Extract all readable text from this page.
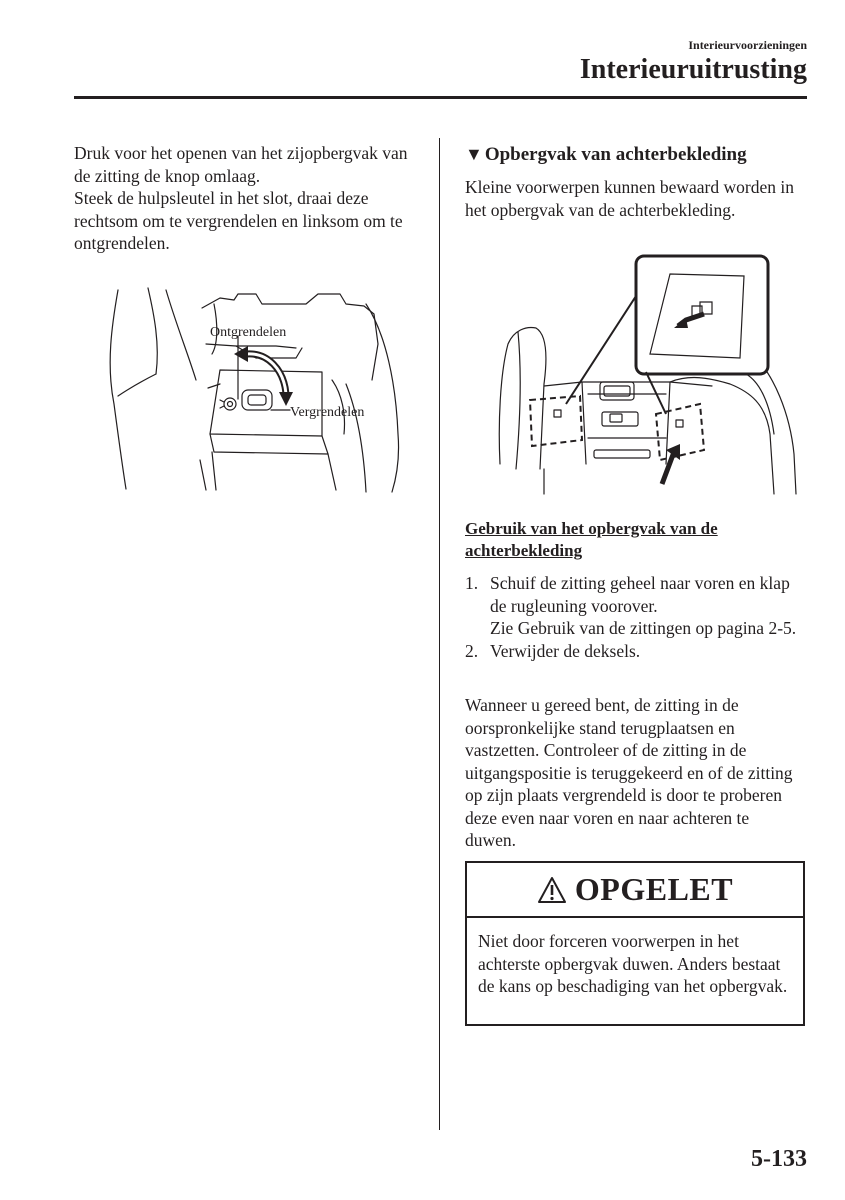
Interieurvoorzieningen
Interieuruitrusting
Druk voor het openen van het zijopbergvak van de zitting de knop omlaag.
Steek de hulpsleutel in het slot, draai deze rechtsom om te vergrendelen en linksom om te ontgrendelen.
Ontgrendelen
Vergrendelen
▼ Opbergvak van achterbekleding
Kleine voorwerpen kunnen bewaard worden in het opbergvak van de achterbekleding.
Gebruik van het opbergvak van de achterbekleding
1. Schuif de zitting geheel naar voren en klap de rugleuning voorover.
Zie Gebruik van de zittingen op pagina 2-5.
2. Verwijder de deksels.
Wanneer u gereed bent, de zitting in de oorspronkelijke stand terugplaatsen en vastzetten. Controleer of de zitting in de uitgangspositie is teruggekeerd en of de zitting op zijn plaats vergrendeld is door te proberen deze even naar voren en naar achteren te duwen.
OPGELET
Niet door forceren voorwerpen in het achterste opbergvak duwen. Anders bestaat de kans op beschadiging van het opbergvak.
5-133
